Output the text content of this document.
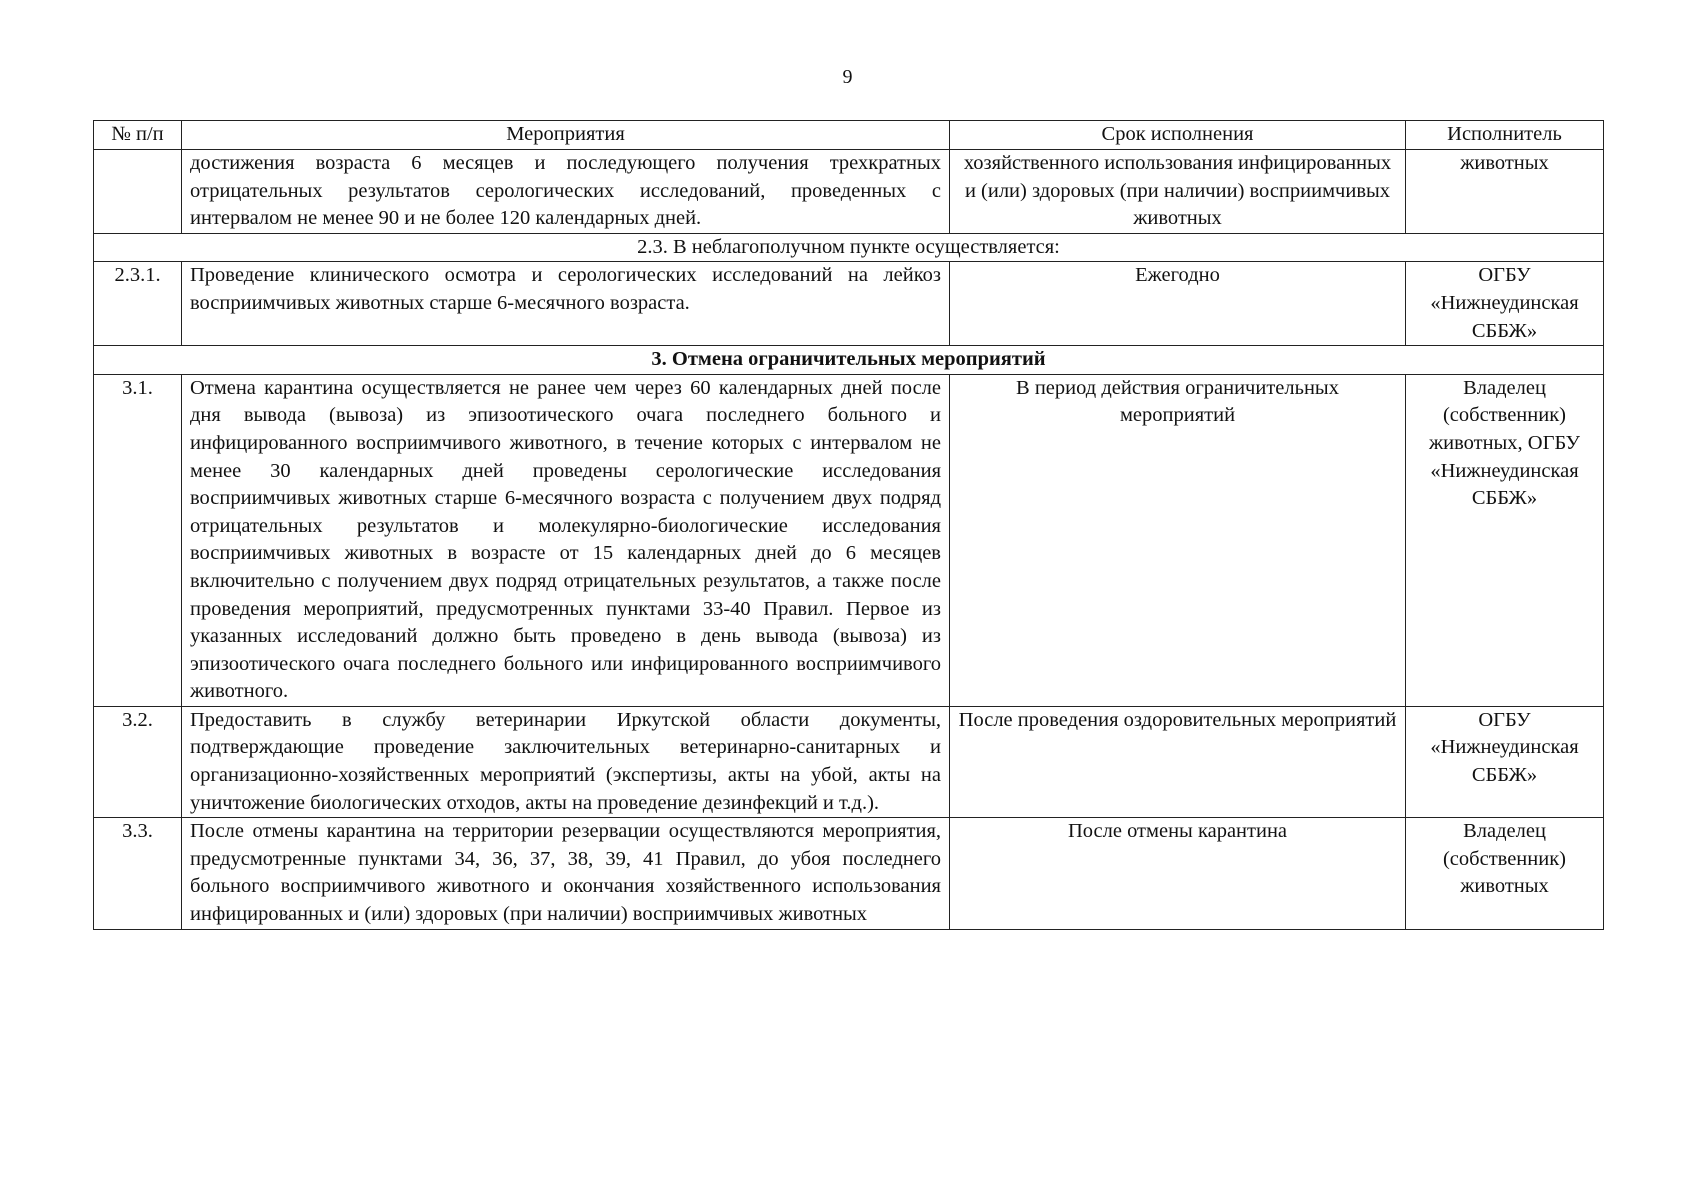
9
№ п/п	Мероприятия	Срок исполнения	Исполнитель
	достижения возраста 6 месяцев и последующего получения трехкратных отрицательных результатов серологических исследований, проведенных с интервалом не менее 90 и не более 120 календарных дней.	хозяйственного использования инфицированных и (или) здоровых (при наличии) восприимчивых животных	животных
2.3. В неблагополучном пункте осуществляется:			
2.3.1.	Проведение клинического осмотра и серологических исследований на лейкоз восприимчивых животных старше 6-месячного возраста.	Ежегодно	ОГБУ «Нижнеудинская СББЖ»
3. Отмена ограничительных мероприятий			
3.1.	Отмена карантина осуществляется не ранее чем через 60 календарных дней после дня вывода (вывоза) из эпизоотического очага последнего больного и инфицированного восприимчивого животного, в течение которых с интервалом не менее 30 календарных дней проведены серологические исследования восприимчивых животных старше 6-месячного возраста с получением двух подряд отрицательных результатов и молекулярно-биологические исследования восприимчивых животных в возрасте от 15 календарных дней до 6 месяцев включительно с получением двух подряд отрицательных результатов, а также после проведения мероприятий, предусмотренных пунктами 33-40 Правил. Первое из указанных исследований должно быть проведено в день вывода (вывоза) из эпизоотического очага последнего больного или инфицированного восприимчивого животного.	В период действия ограничительных мероприятий	Владелец (собственник) животных, ОГБУ «Нижнеудинская СББЖ»
3.2.	Предоставить в службу ветеринарии Иркутской области документы, подтверждающие проведение заключительных ветеринарно-санитарных и организационно-хозяйственных мероприятий (экспертизы, акты на убой, акты на уничтожение биологических отходов, акты на проведение дезинфекций и т.д.).	После проведения оздоровительных мероприятий	ОГБУ «Нижнеудинская СББЖ»
3.3.	После отмены карантина на территории резервации осуществляются мероприятия, предусмотренные пунктами 34, 36, 37, 38, 39, 41 Правил, до убоя последнего больного восприимчивого животного и окончания хозяйственного использования инфицированных и (или) здоровых (при наличии) восприимчивых животных	После отмены карантина	Владелец (собственник) животных
